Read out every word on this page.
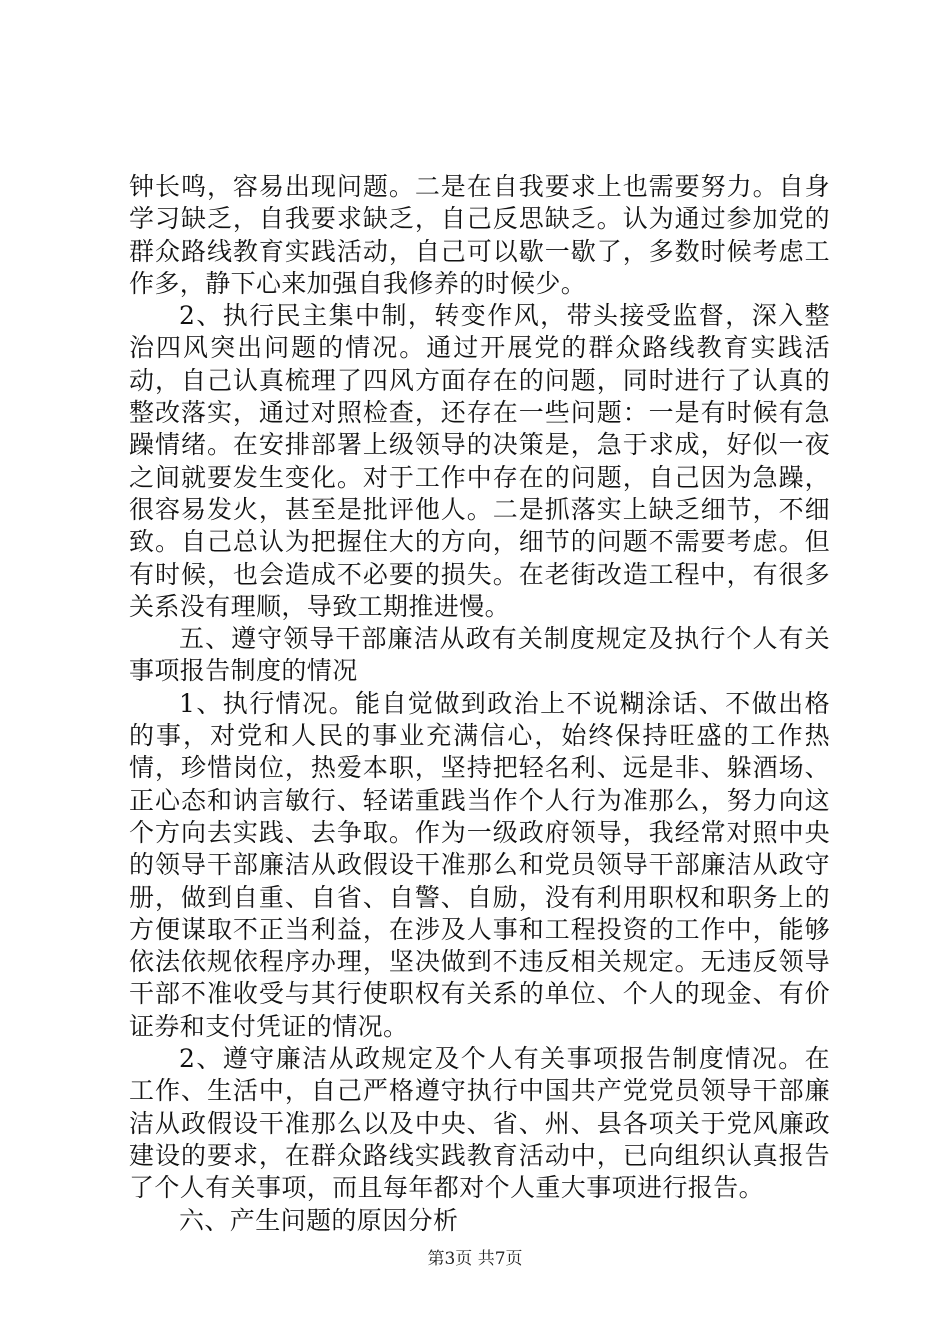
钟长鸣，容易出现问题。二是在自我要求上也需要努力。自身学习缺乏，自我要求缺乏，自己反思缺乏。认为通过参加党的群众路线教育实践活动，自己可以歇一歇了，多数时候考虑工作多，静下心来加强自我修养的时候少。

2、执行民主集中制，转变作风，带头接受监督，深入整治四风突出问题的情况。通过开展党的群众路线教育实践活动，自己认真梳理了四风方面存在的问题，同时进行了认真的整改落实，通过对照检查，还存在一些问题：一是有时候有急躁情绪。在安排部署上级领导的决策是，急于求成，好似一夜之间就要发生变化。对于工作中存在的问题，自己因为急躁，很容易发火，甚至是批评他人。二是抓落实上缺乏细节，不细致。自己总认为把握住大的方向，细节的问题不需要考虑。但有时候，也会造成不必要的损失。在老街改造工程中，有很多关系没有理顺，导致工期推进慢。

五、遵守领导干部廉洁从政有关制度规定及执行个人有关事项报告制度的情况

1、执行情况。能自觉做到政治上不说糊涂话、不做出格的事，对党和人民的事业充满信心，始终保持旺盛的工作热情，珍惜岗位，热爱本职，坚持把轻名利、远是非、躲酒场、正心态和讷言敏行、轻诺重践当作个人行为准那么，努力向这个方向去实践、去争取。作为一级政府领导，我经常对照中央的领导干部廉洁从政假设干准那么和党员领导干部廉洁从政守册，做到自重、自省、自警、自励，没有利用职权和职务上的方便谋取不正当利益，在涉及人事和工程投资的工作中，能够依法依规依程序办理，坚决做到不违反相关规定。无违反领导干部不准收受与其行使职权有关系的单位、个人的现金、有价证券和支付凭证的情况。

2、遵守廉洁从政规定及个人有关事项报告制度情况。在工作、生活中，自己严格遵守执行中国共产党党员领导干部廉洁从政假设干准那么以及中央、省、州、县各项关于党风廉政建设的要求，在群众路线实践教育活动中，已向组织认真报告了个人有关事项，而且每年都对个人重大事项进行报告。

六、产生问题的原因分析

第3页 共7页
